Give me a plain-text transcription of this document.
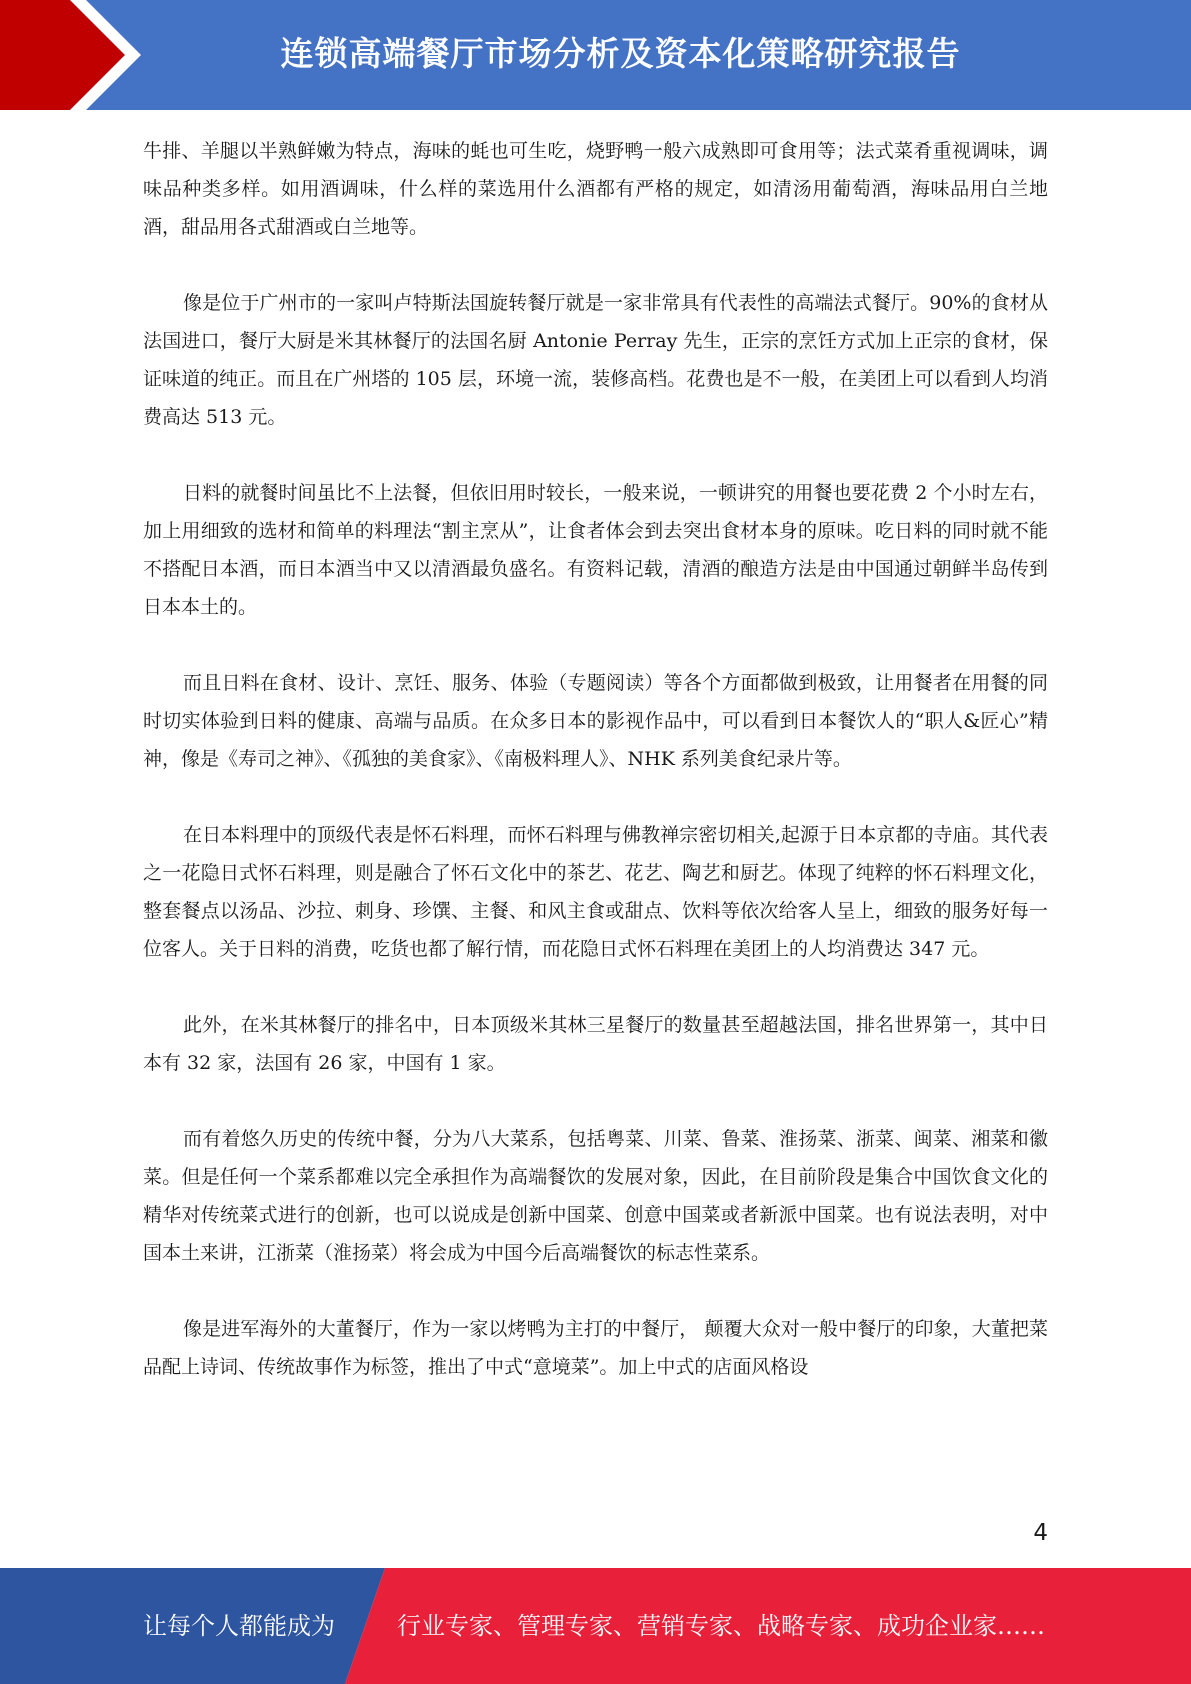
连锁高端餐厅市场分析及资本化策略研究报告

牛排、羊腿以半熟鲜嫩为特点，海味的蚝也可生吃，烧野鸭一般六成熟即可食用等；法式菜肴重视调味，调味品种类多样。如用酒调味，什么样的菜选用什么酒都有严格的规定，如清汤用葡萄酒，海味品用白兰地酒，甜品用各式甜酒或白兰地等。

像是位于广州市的一家叫卢特斯法国旋转餐厅就是一家非常具有代表性的高端法式餐厅。90%的食材从法国进口，餐厅大厨是米其林餐厅的法国名厨 Antonie Perray 先生，正宗的烹饪方式加上正宗的食材，保证味道的纯正。而且在广州塔的 105 层，环境一流，装修高档。花费也是不一般，在美团上可以看到人均消费高达 513 元。

日料的就餐时间虽比不上法餐，但依旧用时较长，一般来说，一顿讲究的用餐也要花费 2 个小时左右，加上用细致的选材和简单的料理法“割主烹从”，让食者体会到去突出食材本身的原味。吃日料的同时就不能不搭配日本酒，而日本酒当中又以清酒最负盛名。有资料记载，清酒的酿造方法是由中国通过朝鲜半岛传到日本本土的。

而且日料在食材、设计、烹饪、服务、体验（专题阅读）等各个方面都做到极致，让用餐者在用餐的同时切实体验到日料的健康、高端与品质。在众多日本的影视作品中，可以看到日本餐饮人的“职人&匠心”精神，像是《寿司之神》、《孤独的美食家》、《南极料理人》、NHK 系列美食纪录片等。

在日本料理中的顶级代表是怀石料理，而怀石料理与佛教禅宗密切相关,起源于日本京都的寺庙。其代表之一花隐日式怀石料理，则是融合了怀石文化中的茶艺、花艺、陶艺和厨艺。体现了纯粹的怀石料理文化，整套餐点以汤品、沙拉、刺身、珍馔、主餐、和风主食或甜点、饮料等依次给客人呈上，细致的服务好每一位客人。关于日料的消费，吃货也都了解行情，而花隐日式怀石料理在美团上的人均消费达 347 元。

此外，在米其林餐厅的排名中，日本顶级米其林三星餐厅的数量甚至超越法国，排名世界第一，其中日本有 32 家，法国有 26 家，中国有 1 家。

而有着悠久历史的传统中餐，分为八大菜系，包括粤菜、川菜、鲁菜、淮扬菜、浙菜、闽菜、湘菜和徽菜。但是任何一个菜系都难以完全承担作为高端餐饮的发展对象，因此，在目前阶段是集合中国饮食文化的精华对传统菜式进行的创新，也可以说成是创新中国菜、创意中国菜或者新派中国菜。也有说法表明，对中国本土来讲，江浙菜（淮扬菜）将会成为中国今后高端餐饮的标志性菜系。

像是进军海外的大董餐厅，作为一家以烤鸭为主打的中餐厅， 颠覆大众对一般中餐厅的印象，大董把菜品配上诗词、传统故事作为标签，推出了中式“意境菜”。加上中式的店面风格设

4
让每个人都能成为	行业专家、管理专家、营销专家、战略专家、成功企业家……
